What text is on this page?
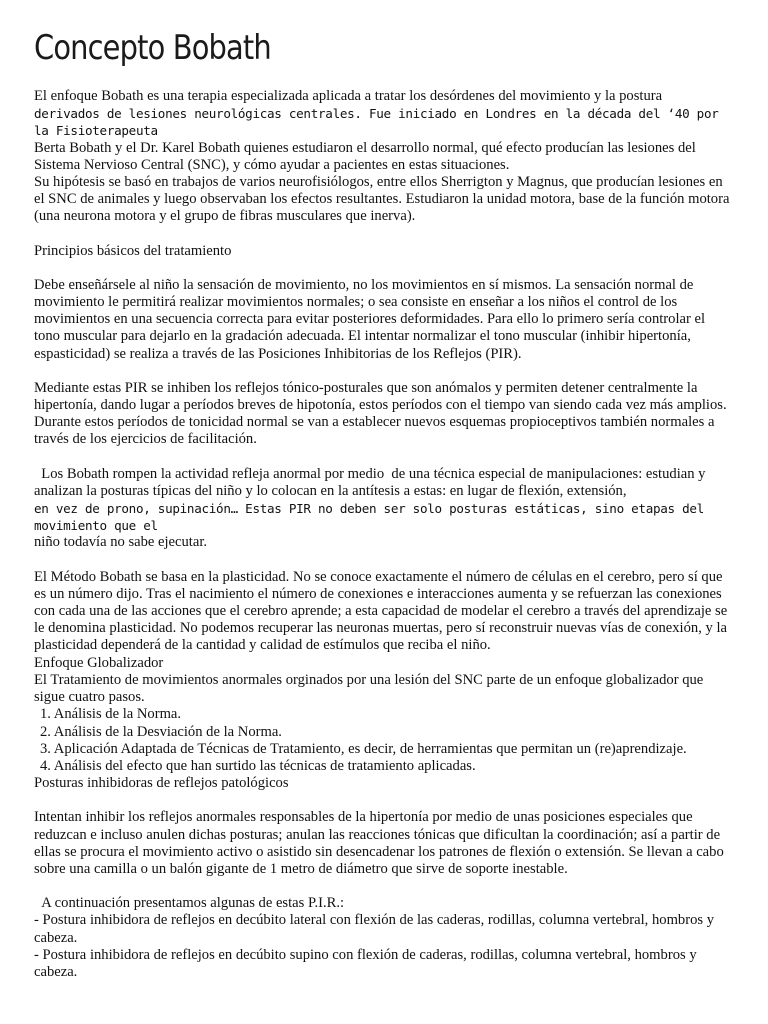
Concepto Bobath

El enfoque Bobath es una terapia especializada aplicada a tratar los desórdenes del movimiento y la postura

derivados de lesiones neurológicas centrales. Fue iniciado en Londres en la década del ‘40 por la Fisioterapeuta

Berta Bobath y el Dr. Karel Bobath quienes estudiaron el desarrollo normal, qué efecto producían las lesiones del Sistema Nervioso Central (SNC), y cómo ayudar a pacientes en estas situaciones.

Su hipótesis se basó en trabajos de varios neurofisiólogos, entre ellos Sherrigton y Magnus, que producían lesiones en el SNC de animales y luego observaban los efectos resultantes. Estudiaron la unidad motora, base de la función motora (una neurona motora y el grupo de fibras musculares que inerva).

Principios básicos del tratamiento

Debe enseñársele al niño la sensación de movimiento, no los movimientos en sí mismos. La sensación normal de movimiento le permitirá realizar movimientos normales; o sea consiste en enseñar a los niños el control de los movimientos en una secuencia correcta para evitar posteriores deformidades. Para ello lo primero sería controlar el tono muscular para dejarlo en la gradación adecuada. El intentar normalizar el tono muscular (inhibir hipertonía, espasticidad) se realiza a través de las Posiciones Inhibitorias de los Reflejos (PIR).

Mediante estas PIR se inhiben los reflejos tónico-posturales que son anómalos y permiten detener centralmente la hipertonía, dando lugar a períodos breves de hipotonía, estos períodos con el tiempo van siendo cada vez más amplios. Durante estos períodos de tonicidad normal se van a establecer nuevos esquemas propioceptivos también normales a través de los ejercicios de facilitación.

Los Bobath rompen la actividad refleja anormal por medio  de una técnica especial de manipulaciones: estudian y analizan la posturas típicas del niño y lo colocan en la antítesis a estas: en lugar de flexión, extensión,

en vez de prono, supinación… Estas PIR no deben ser solo posturas estáticas, sino etapas del movimiento que el

niño todavía no sabe ejecutar.

El Método Bobath se basa en la plasticidad. No se conoce exactamente el número de células en el cerebro, pero sí que es un número dijo. Tras el nacimiento el número de conexiones e interacciones aumenta y se refuerzan las conexiones con cada una de las acciones que el cerebro aprende; a esta capacidad de modelar el cerebro a través del aprendizaje se le denomina plasticidad. No podemos recuperar las neuronas muertas, pero sí reconstruir nuevas vías de conexión, y la plasticidad dependerá de la cantidad y calidad de estímulos que reciba el niño.

Enfoque Globalizador

El Tratamiento de movimientos anormales orginados por una lesión del SNC parte de un enfoque globalizador que sigue cuatro pasos.

1. Análisis de la Norma.
2. Análisis de la Desviación de la Norma.
3. Aplicación Adaptada de Técnicas de Tratamiento, es decir, de herramientas que permitan un (re)aprendizaje.
4. Análisis del efecto que han surtido las técnicas de tratamiento aplicadas.

Posturas inhibidoras de reflejos patológicos

Intentan inhibir los reflejos anormales responsables de la hipertonía por medio de unas posiciones especiales que reduzcan e incluso anulen dichas posturas; anulan las reacciones tónicas que dificultan la coordinación; así a partir de ellas se procura el movimiento activo o asistido sin desencadenar los patrones de flexión o extensión. Se llevan a cabo sobre una camilla o un balón gigante de 1 metro de diámetro que sirve de soporte inestable.

A continuación presentamos algunas de estas P.I.R.:

- Postura inhibidora de reflejos en decúbito lateral con flexión de las caderas, rodillas, columna vertebral, hombros y cabeza.

- Postura inhibidora de reflejos en decúbito supino con flexión de caderas, rodillas, columna vertebral, hombros y cabeza.
